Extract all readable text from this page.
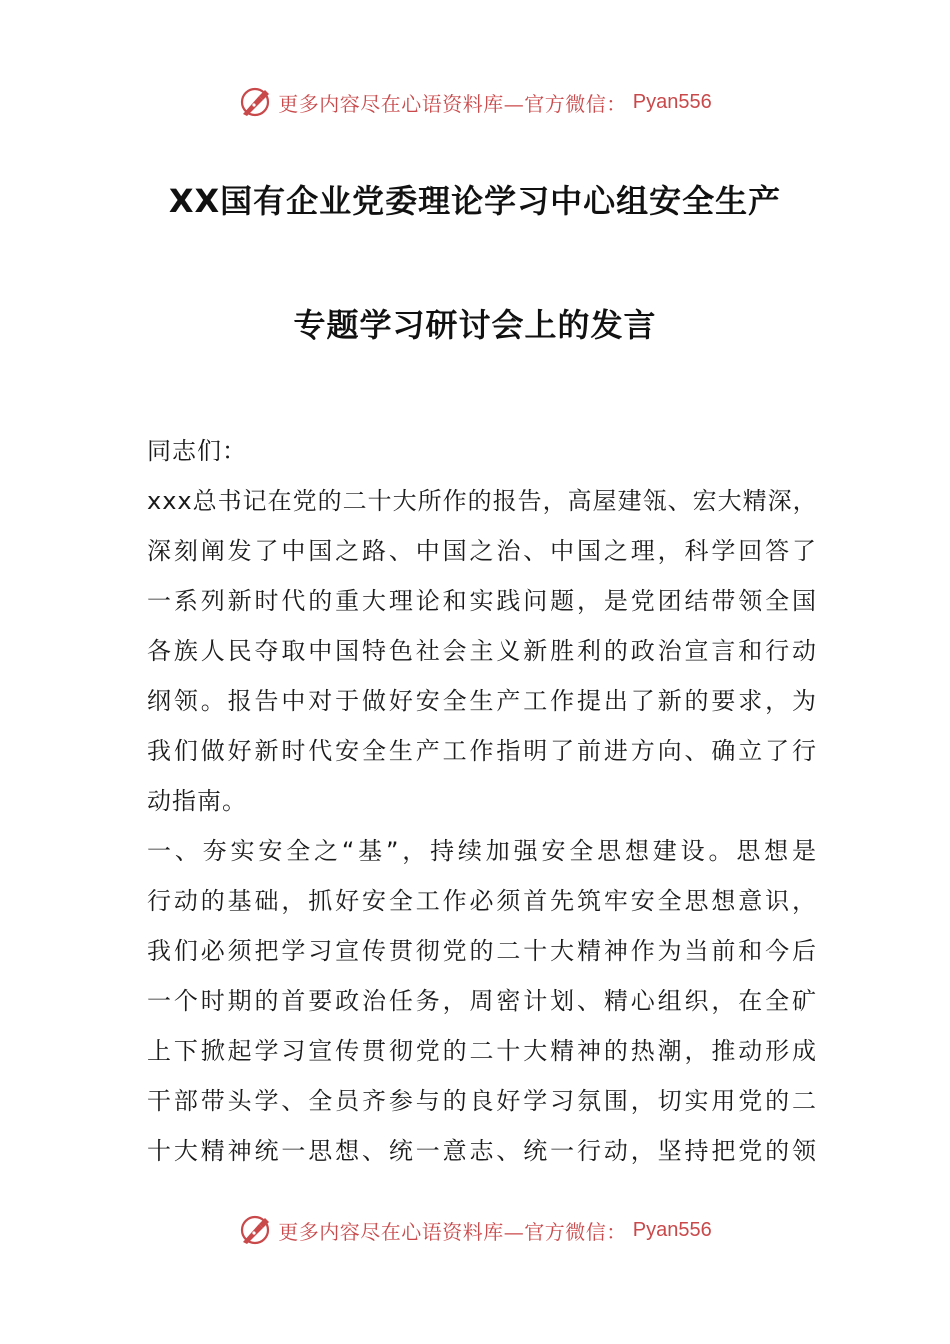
更多内容尽在心语资料库—官方微信： Pyan556
XX国有企业党委理论学习中心组安全生产
专题学习研讨会上的发言
同志们：
xxx总书记在党的二十大所作的报告，高屋建瓴、宏大精深，
深刻阐发了中国之路、中国之治、中国之理，科学回答了
一系列新时代的重大理论和实践问题，是党团结带领全国
各族人民夺取中国特色社会主义新胜利的政治宣言和行动
纲领。报告中对于做好安全生产工作提出了新的要求，为
我们做好新时代安全生产工作指明了前进方向、确立了行
动指南。
一、夯实安全之“基”，持续加强安全思想建设。思想是
行动的基础，抓好安全工作必须首先筑牢安全思想意识，
我们必须把学习宣传贯彻党的二十大精神作为当前和今后
一个时期的首要政治任务，周密计划、精心组织，在全矿
上下掀起学习宣传贯彻党的二十大精神的热潮，推动形成
干部带头学、全员齐参与的良好学习氛围，切实用党的二
十大精神统一思想、统一意志、统一行动，坚持把党的领
更多内容尽在心语资料库—官方微信： Pyan556
